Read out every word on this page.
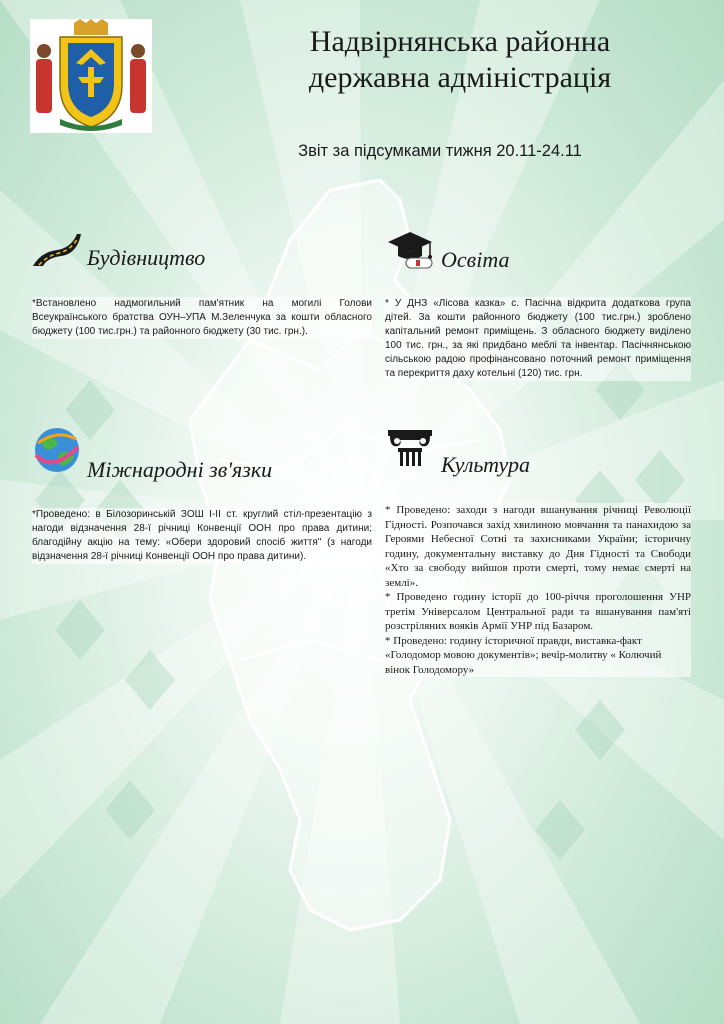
Надвірнянська районна
державна адміністрація
Звіт за підсумками тижня 20.11-24.11
Будівництво

*Встановлено надмогильний пам'ятник на могилі Голови Всеукраїнського братства ОУН–УПА М.Зеленчука за кошти обласного бюджету (100 тис.грн.) та районного бюджету (30 тис. грн.).

Освіта

* У ДНЗ «Лісова казка» с. Пасічна відкрита додаткова група дітей. За кошти районного бюджету (100 тис.грн.) зроблено капітальний ремонт приміщень. З обласного бюджету виділено 100 тис. грн., за які придбано меблі та інвентар. Пасічнянською сільською радою профінансовано поточний ремонт приміщення та перекриття даху котельні (120) тис. грн.

Міжнародні зв'язки

*Проведено: в Білозоринській ЗОШ І-ІІ ст. круглий стіл-презентацію з нагоди відзначення 28-ї річниці Конвенції ООН про права дитини; благодійну акцію на тему: «Обери здоровий спосіб життя" (з нагоди відзначення 28-ї річниці Конвенції ООН про права дитини).

Культура

* Проведено: заходи з нагоди вшанування річниці Революції Гідності. Розпочався захід хвилиною мовчання та панахидою за Героями Небесної Сотні та захисниками України; історичну годину, документальну виставку до Дня Гідності та Свободи «Хто за свободу вийшов проти смерті, тому немає смерті на землі».

* Проведено годину історії до 100-річчя проголошення УНР третім Універсалом Центральної ради та вшанування пам'яті розстріляних вояків Армії УНР під Базаром.

* Проведено: годину історичної правди, виставка-факт «Голодомор мовою документів»; вечір-молитву « Колючий вінок Голодомору»
